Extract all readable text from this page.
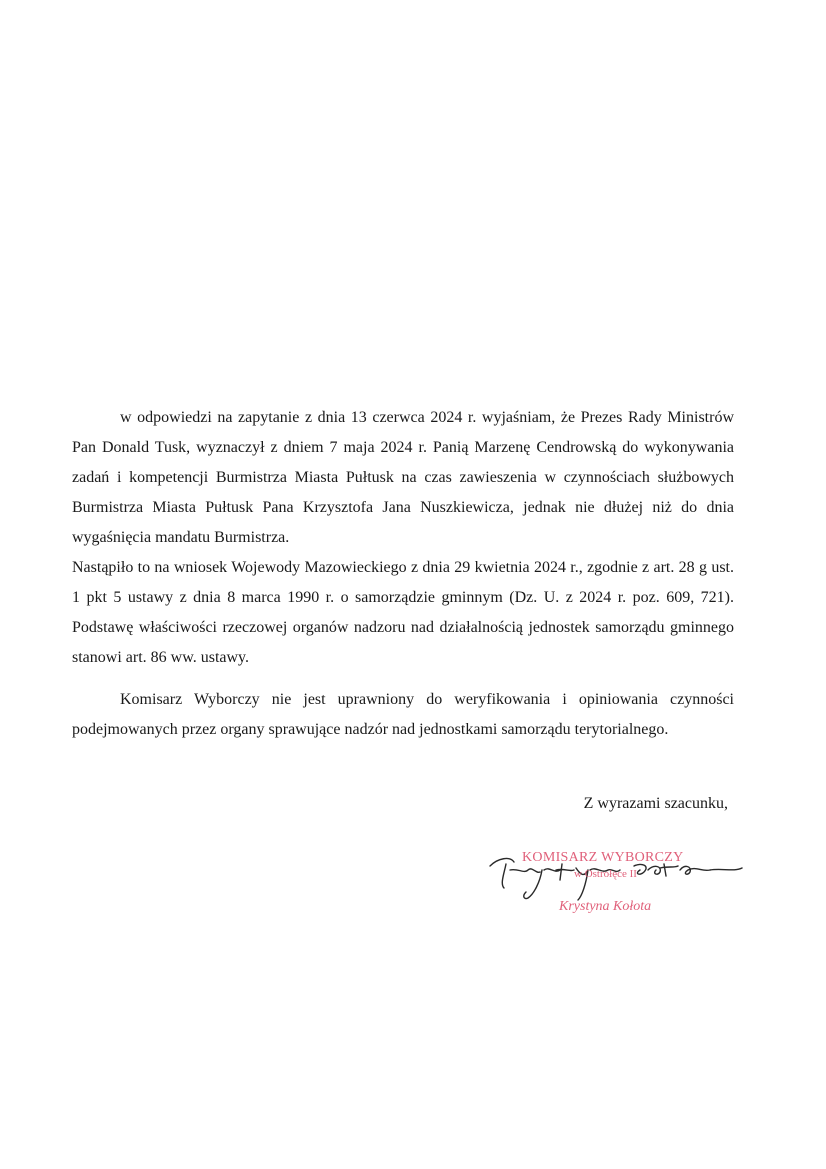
w odpowiedzi na zapytanie z dnia 13 czerwca 2024 r. wyjaśniam, że Prezes Rady Ministrów Pan Donald Tusk, wyznaczył z dniem 7 maja 2024 r. Panią Marzenę Cendrowską do wykonywania zadań i kompetencji Burmistrza Miasta Pułtusk na czas zawieszenia w czynnościach służbowych Burmistrza Miasta Pułtusk Pana Krzysztofa Jana Nuszkiewicza, jednak nie dłużej niż do dnia wygaśnięcia mandatu Burmistrza.

Nastąpiło to na wniosek Wojewody Mazowieckiego z dnia 29 kwietnia 2024 r., zgodnie z art. 28 g ust. 1 pkt 5 ustawy z dnia 8 marca 1990 r. o samorządzie gminnym (Dz. U. z 2024 r. poz. 609, 721). Podstawę właściwości rzeczowej organów nadzoru nad działalnością jednostek samorządu gminnego stanowi art. 86 ww. ustawy.

Komisarz Wyborczy nie jest uprawniony do weryfikowania i opiniowania czynności podejmowanych przez organy sprawujące nadzór nad jednostkami samorządu terytorialnego.

Z wyrazami szacunku,
KOMISARZ WYBORCZY
w Ostrołęce II
Krystyna Kołota
